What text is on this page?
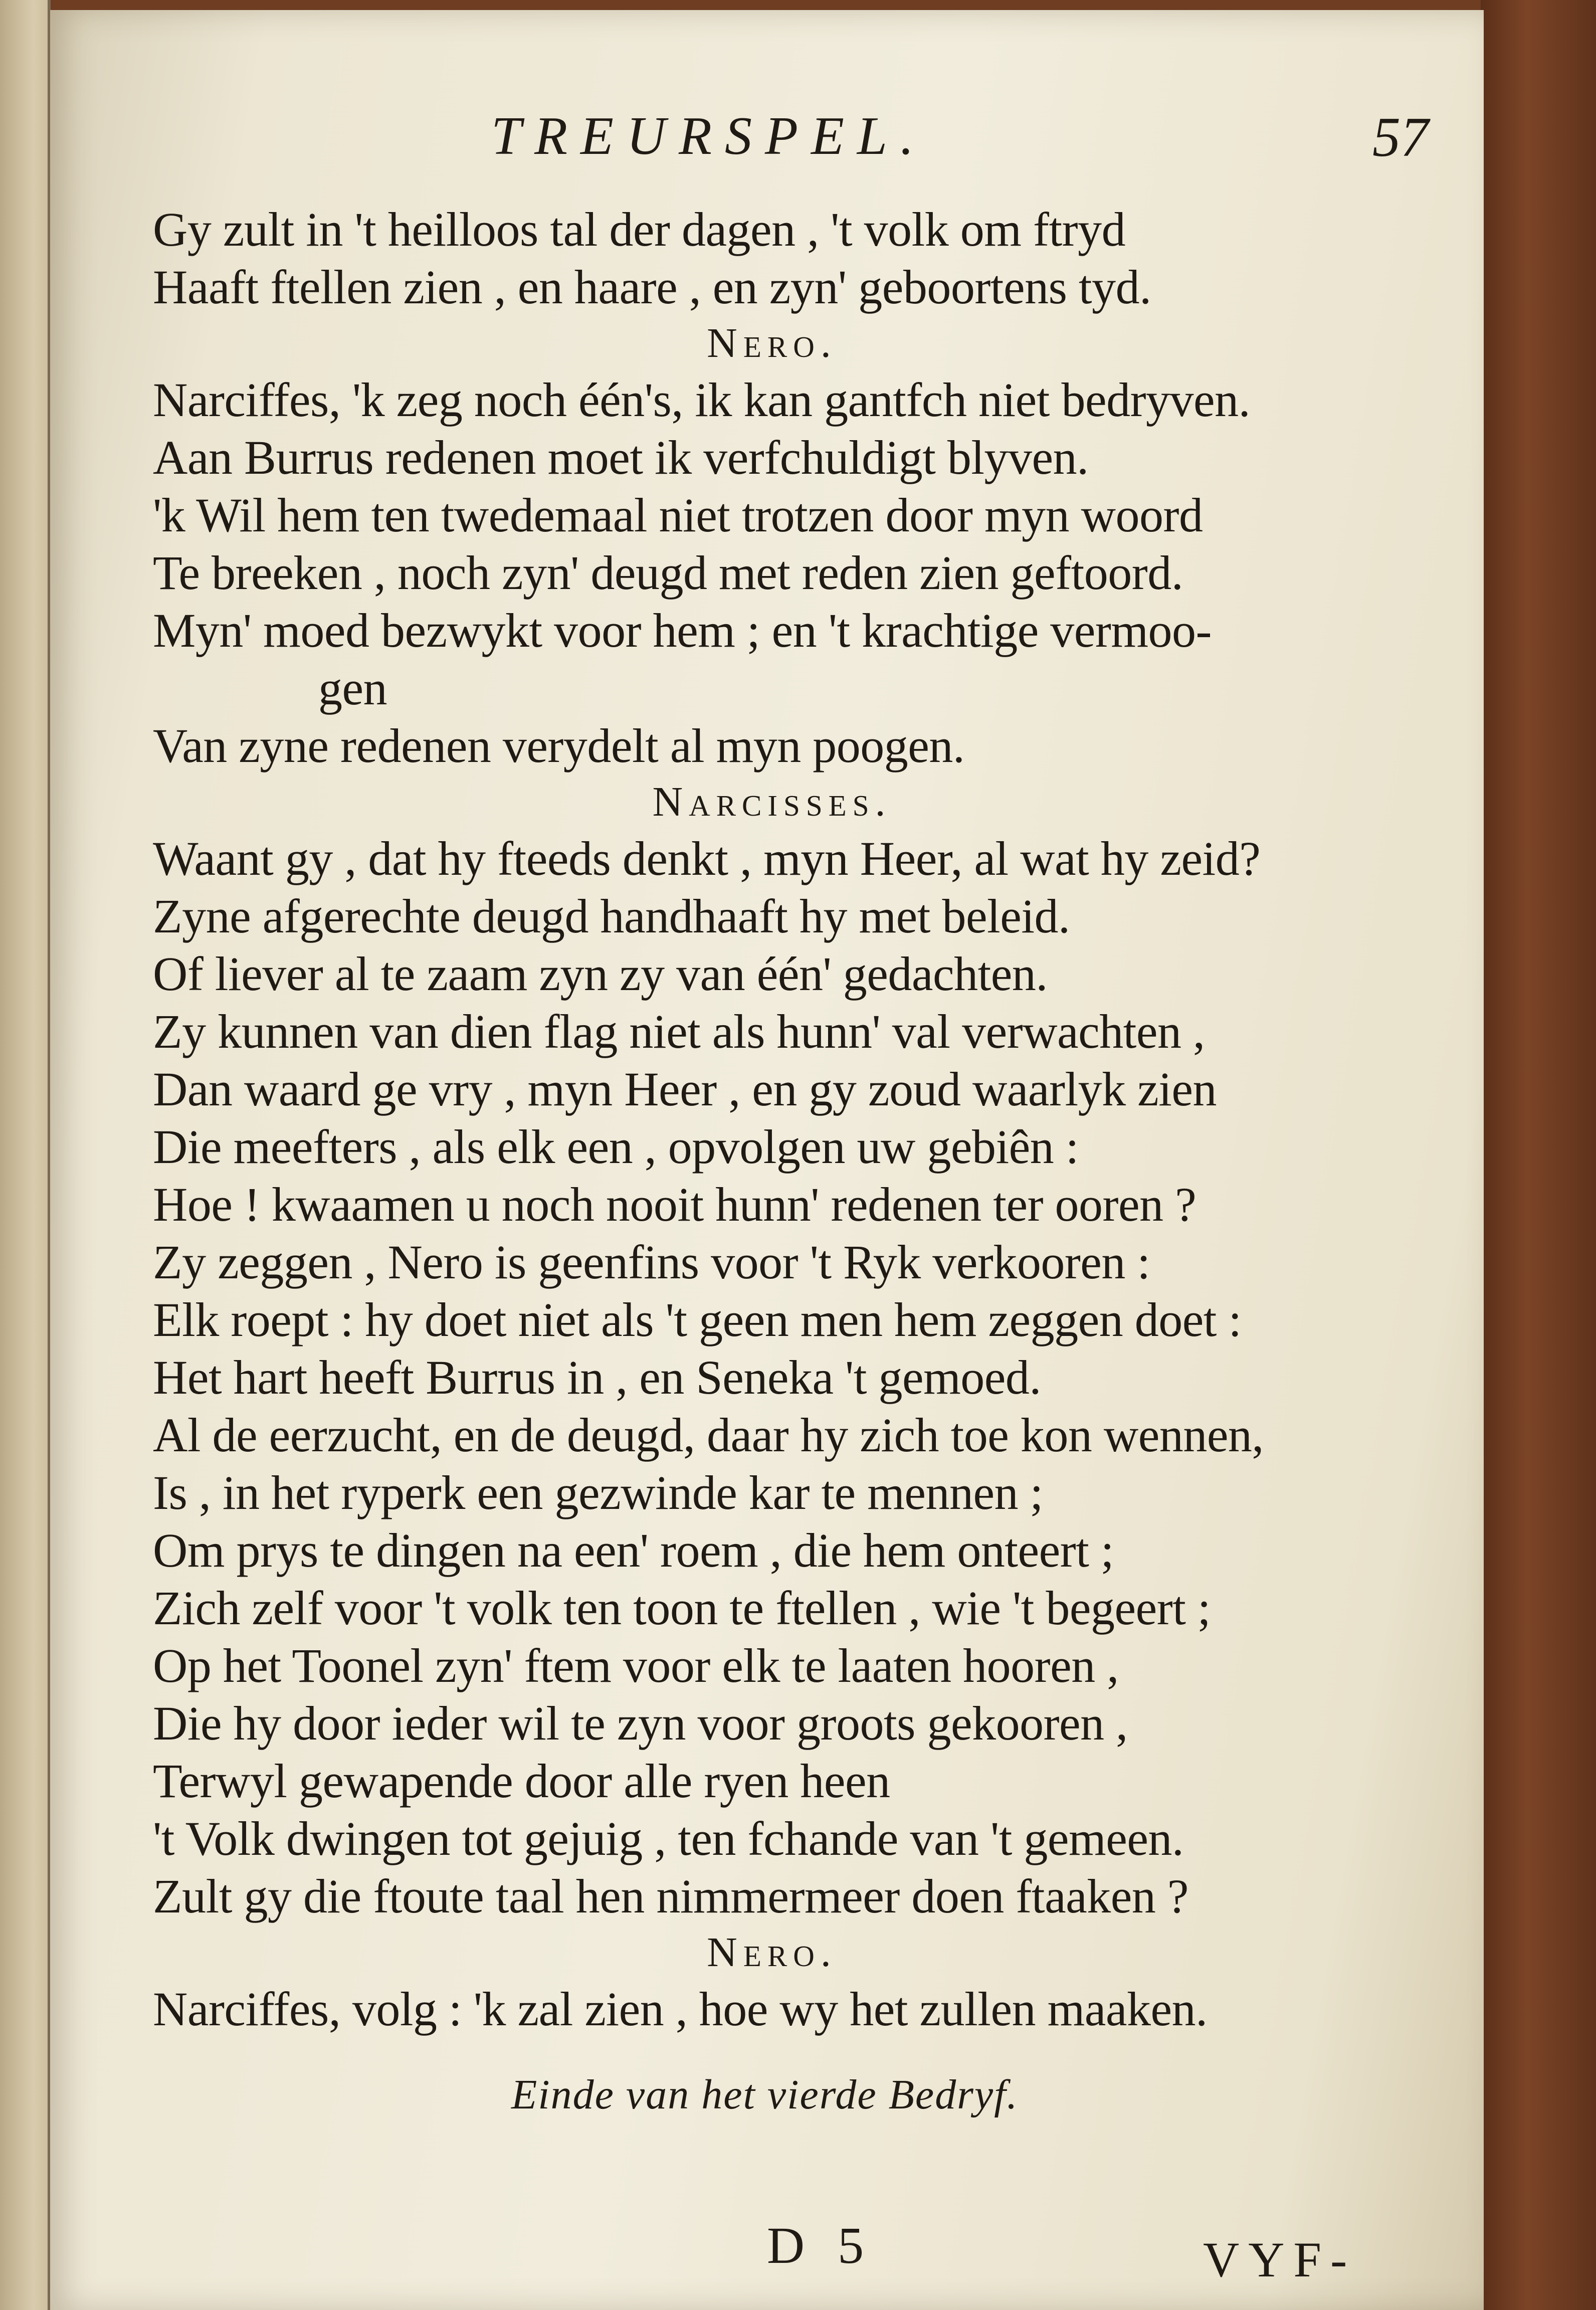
TREURSPEL.	57
Gy zult in 't heilloos tal der dagen , 't volk om ftryd
Haaft ftellen zien , en haare , en zyn' geboortens tyd.
Nero.
Narciffes, 'k zeg noch één's, ik kan gantfch niet bedryven.
Aan Burrus redenen moet ik verfchuldigt blyven.
'k Wil hem ten twedemaal niet trotzen door myn woord
Te breeken , noch zyn' deugd met reden zien geftoord.
Myn' moed bezwykt voor hem ; en 't krachtige vermoo-
gen
Van zyne redenen verydelt al myn poogen.
Narcisses.
Waant gy , dat hy fteeds denkt , myn Heer, al wat hy zeid?
Zyne afgerechte deugd handhaaft hy met beleid.
Of liever al te zaam zyn zy van één' gedachten.
Zy kunnen van dien flag niet als hunn' val verwachten ,
Dan waard ge vry , myn Heer , en gy zoud waarlyk zien
Die meefters , als elk een , opvolgen uw gebiên :
Hoe ! kwaamen u noch nooit hunn' redenen ter ooren ?
Zy zeggen , Nero is geenfins voor 't Ryk verkooren :
Elk roept : hy doet niet als 't geen men hem zeggen doet :
Het hart heeft Burrus in , en Seneka 't gemoed.
Al de eerzucht, en de deugd, daar hy zich toe kon wennen,
Is , in het ryperk een gezwinde kar te mennen ;
Om prys te dingen na een' roem , die hem onteert ;
Zich zelf voor 't volk ten toon te ftellen , wie 't begeert ;
Op het Toonel zyn' ftem voor elk te laaten hooren ,
Die hy door ieder wil te zyn voor groots gekooren ,
Terwyl gewapende door alle ryen heen
't Volk dwingen tot gejuig , ten fchande van 't gemeen.
Zult gy die ftoute taal hen nimmermeer doen ftaaken ?
Nero.
Narciffes, volg : 'k zal zien , hoe wy het zullen maaken.
Einde van het vierde Bedryf.
D 5	VYF-
